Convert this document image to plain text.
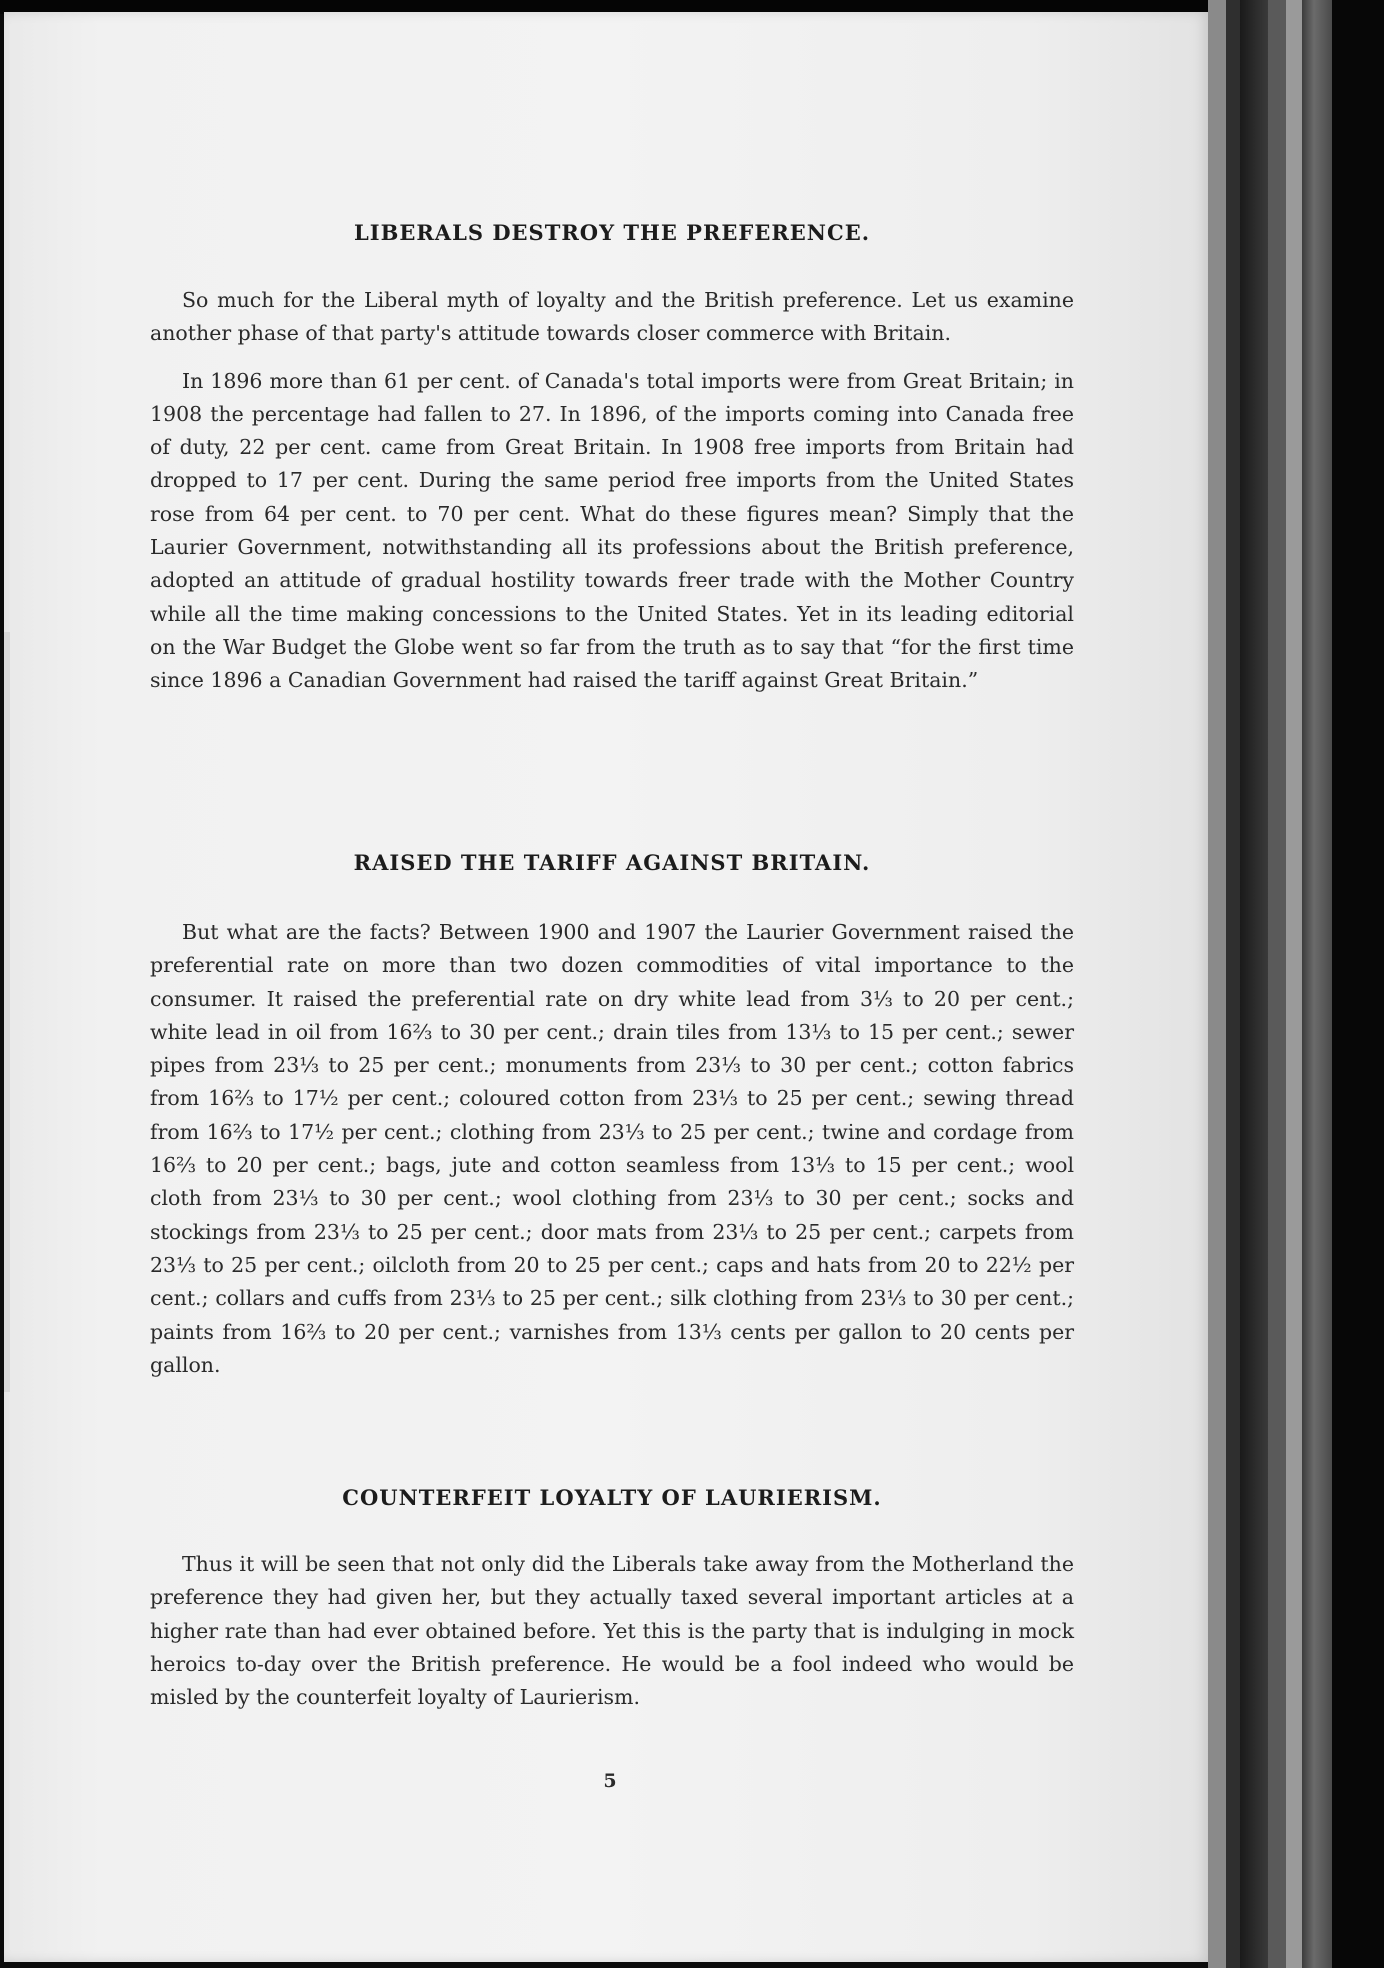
LIBERALS DESTROY THE PREFERENCE.

So much for the Liberal myth of loyalty and the British preference. Let us examine another phase of that party's attitude towards closer commerce with Britain.

In 1896 more than 61 per cent. of Canada's total imports were from Great Britain; in 1908 the percentage had fallen to 27. In 1896, of the imports coming into Canada free of duty, 22 per cent. came from Great Britain. In 1908 free imports from Britain had dropped to 17 per cent. During the same period free imports from the United States rose from 64 per cent. to 70 per cent. What do these figures mean? Simply that the Laurier Government, notwithstanding all its professions about the British preference, adopted an attitude of gradual hostility towards freer trade with the Mother Country while all the time making concessions to the United States. Yet in its leading editorial on the War Budget the Globe went so far from the truth as to say that “for the first time since 1896 a Canadian Government had raised the tariff against Great Britain.”

RAISED THE TARIFF AGAINST BRITAIN.

But what are the facts? Between 1900 and 1907 the Laurier Government raised the preferential rate on more than two dozen commodities of vital importance to the consumer. It raised the preferential rate on dry white lead from 3⅓ to 20 per cent.; white lead in oil from 16⅔ to 30 per cent.; drain tiles from 13⅓ to 15 per cent.; sewer pipes from 23⅓ to 25 per cent.; monuments from 23⅓ to 30 per cent.; cotton fabrics from 16⅔ to 17½ per cent.; coloured cotton from 23⅓ to 25 per cent.; sewing thread from 16⅔ to 17½ per cent.; clothing from 23⅓ to 25 per cent.; twine and cordage from 16⅔ to 20 per cent.; bags, jute and cotton seamless from 13⅓ to 15 per cent.; wool cloth from 23⅓ to 30 per cent.; wool clothing from 23⅓ to 30 per cent.; socks and stockings from 23⅓ to 25 per cent.; door mats from 23⅓ to 25 per cent.; carpets from 23⅓ to 25 per cent.; oilcloth from 20 to 25 per cent.; caps and hats from 20 to 22½ per cent.; collars and cuffs from 23⅓ to 25 per cent.; silk clothing from 23⅓ to 30 per cent.; paints from 16⅔ to 20 per cent.; varnishes from 13⅓ cents per gallon to 20 cents per gallon.

COUNTERFEIT LOYALTY OF LAURIERISM.

Thus it will be seen that not only did the Liberals take away from the Motherland the preference they had given her, but they actually taxed several important articles at a higher rate than had ever obtained before. Yet this is the party that is indulging in mock heroics to-day over the British preference. He would be a fool indeed who would be misled by the counterfeit loyalty of Laurierism.

5
